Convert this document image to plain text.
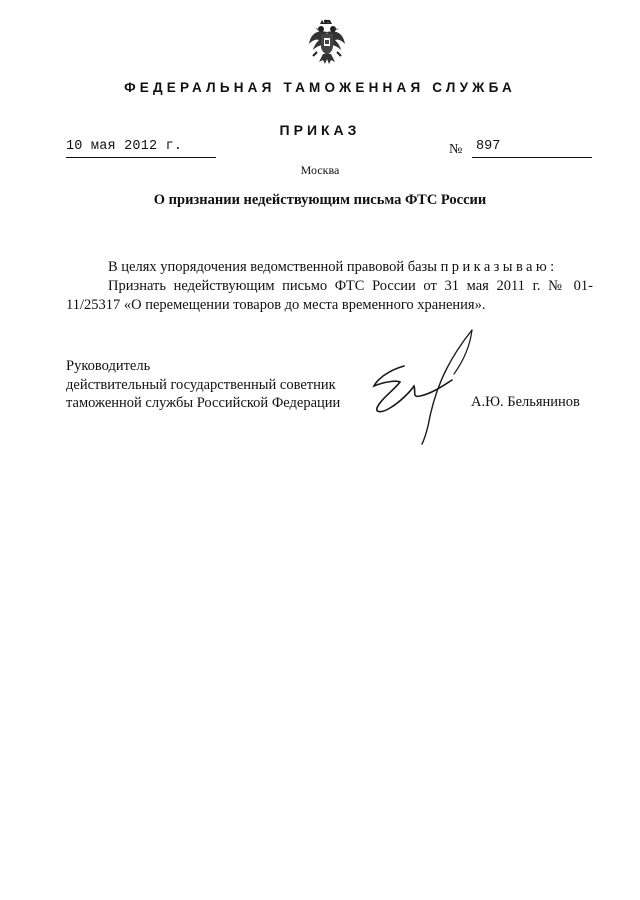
ФЕДЕРАЛЬНАЯ ТАМОЖЕННАЯ СЛУЖБА
ПРИКАЗ
10 мая 2012 г.	№ 897
Москва
О признании недействующим письма ФТС России
В целях упорядочения ведомственной правовой базы приказываю:
Признать недействующим письмо ФТС России от 31 мая 2011 г. № 01-11/25317 «О перемещении товаров до места временного хранения».
Руководитель
действительный государственный советник
таможенной службы Российской Федерации	А.Ю. Бельянинов
